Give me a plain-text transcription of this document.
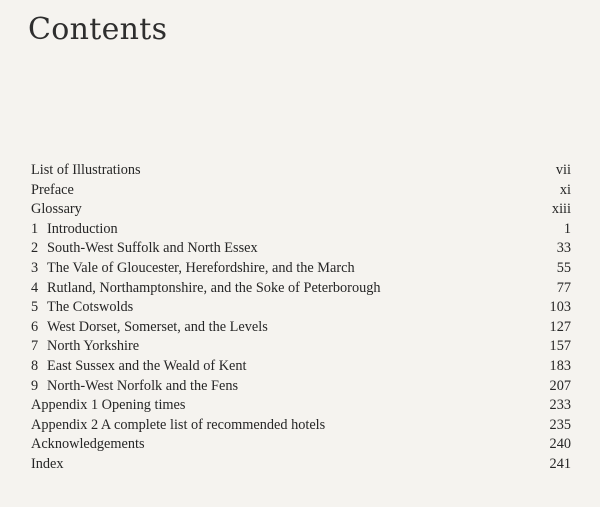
Contents
List of Illustrations	vii
Preface	xi
Glossary	xiii
1 Introduction	1
2 South-West Suffolk and North Essex	33
3 The Vale of Gloucester, Herefordshire, and the March	55
4 Rutland, Northamptonshire, and the Soke of Peterborough	77
5 The Cotswolds	103
6 West Dorset, Somerset, and the Levels	127
7 North Yorkshire	157
8 East Sussex and the Weald of Kent	183
9 North-West Norfolk and the Fens	207
Appendix 1 Opening times	233
Appendix 2 A complete list of recommended hotels	235
Acknowledgements	240
Index	241
